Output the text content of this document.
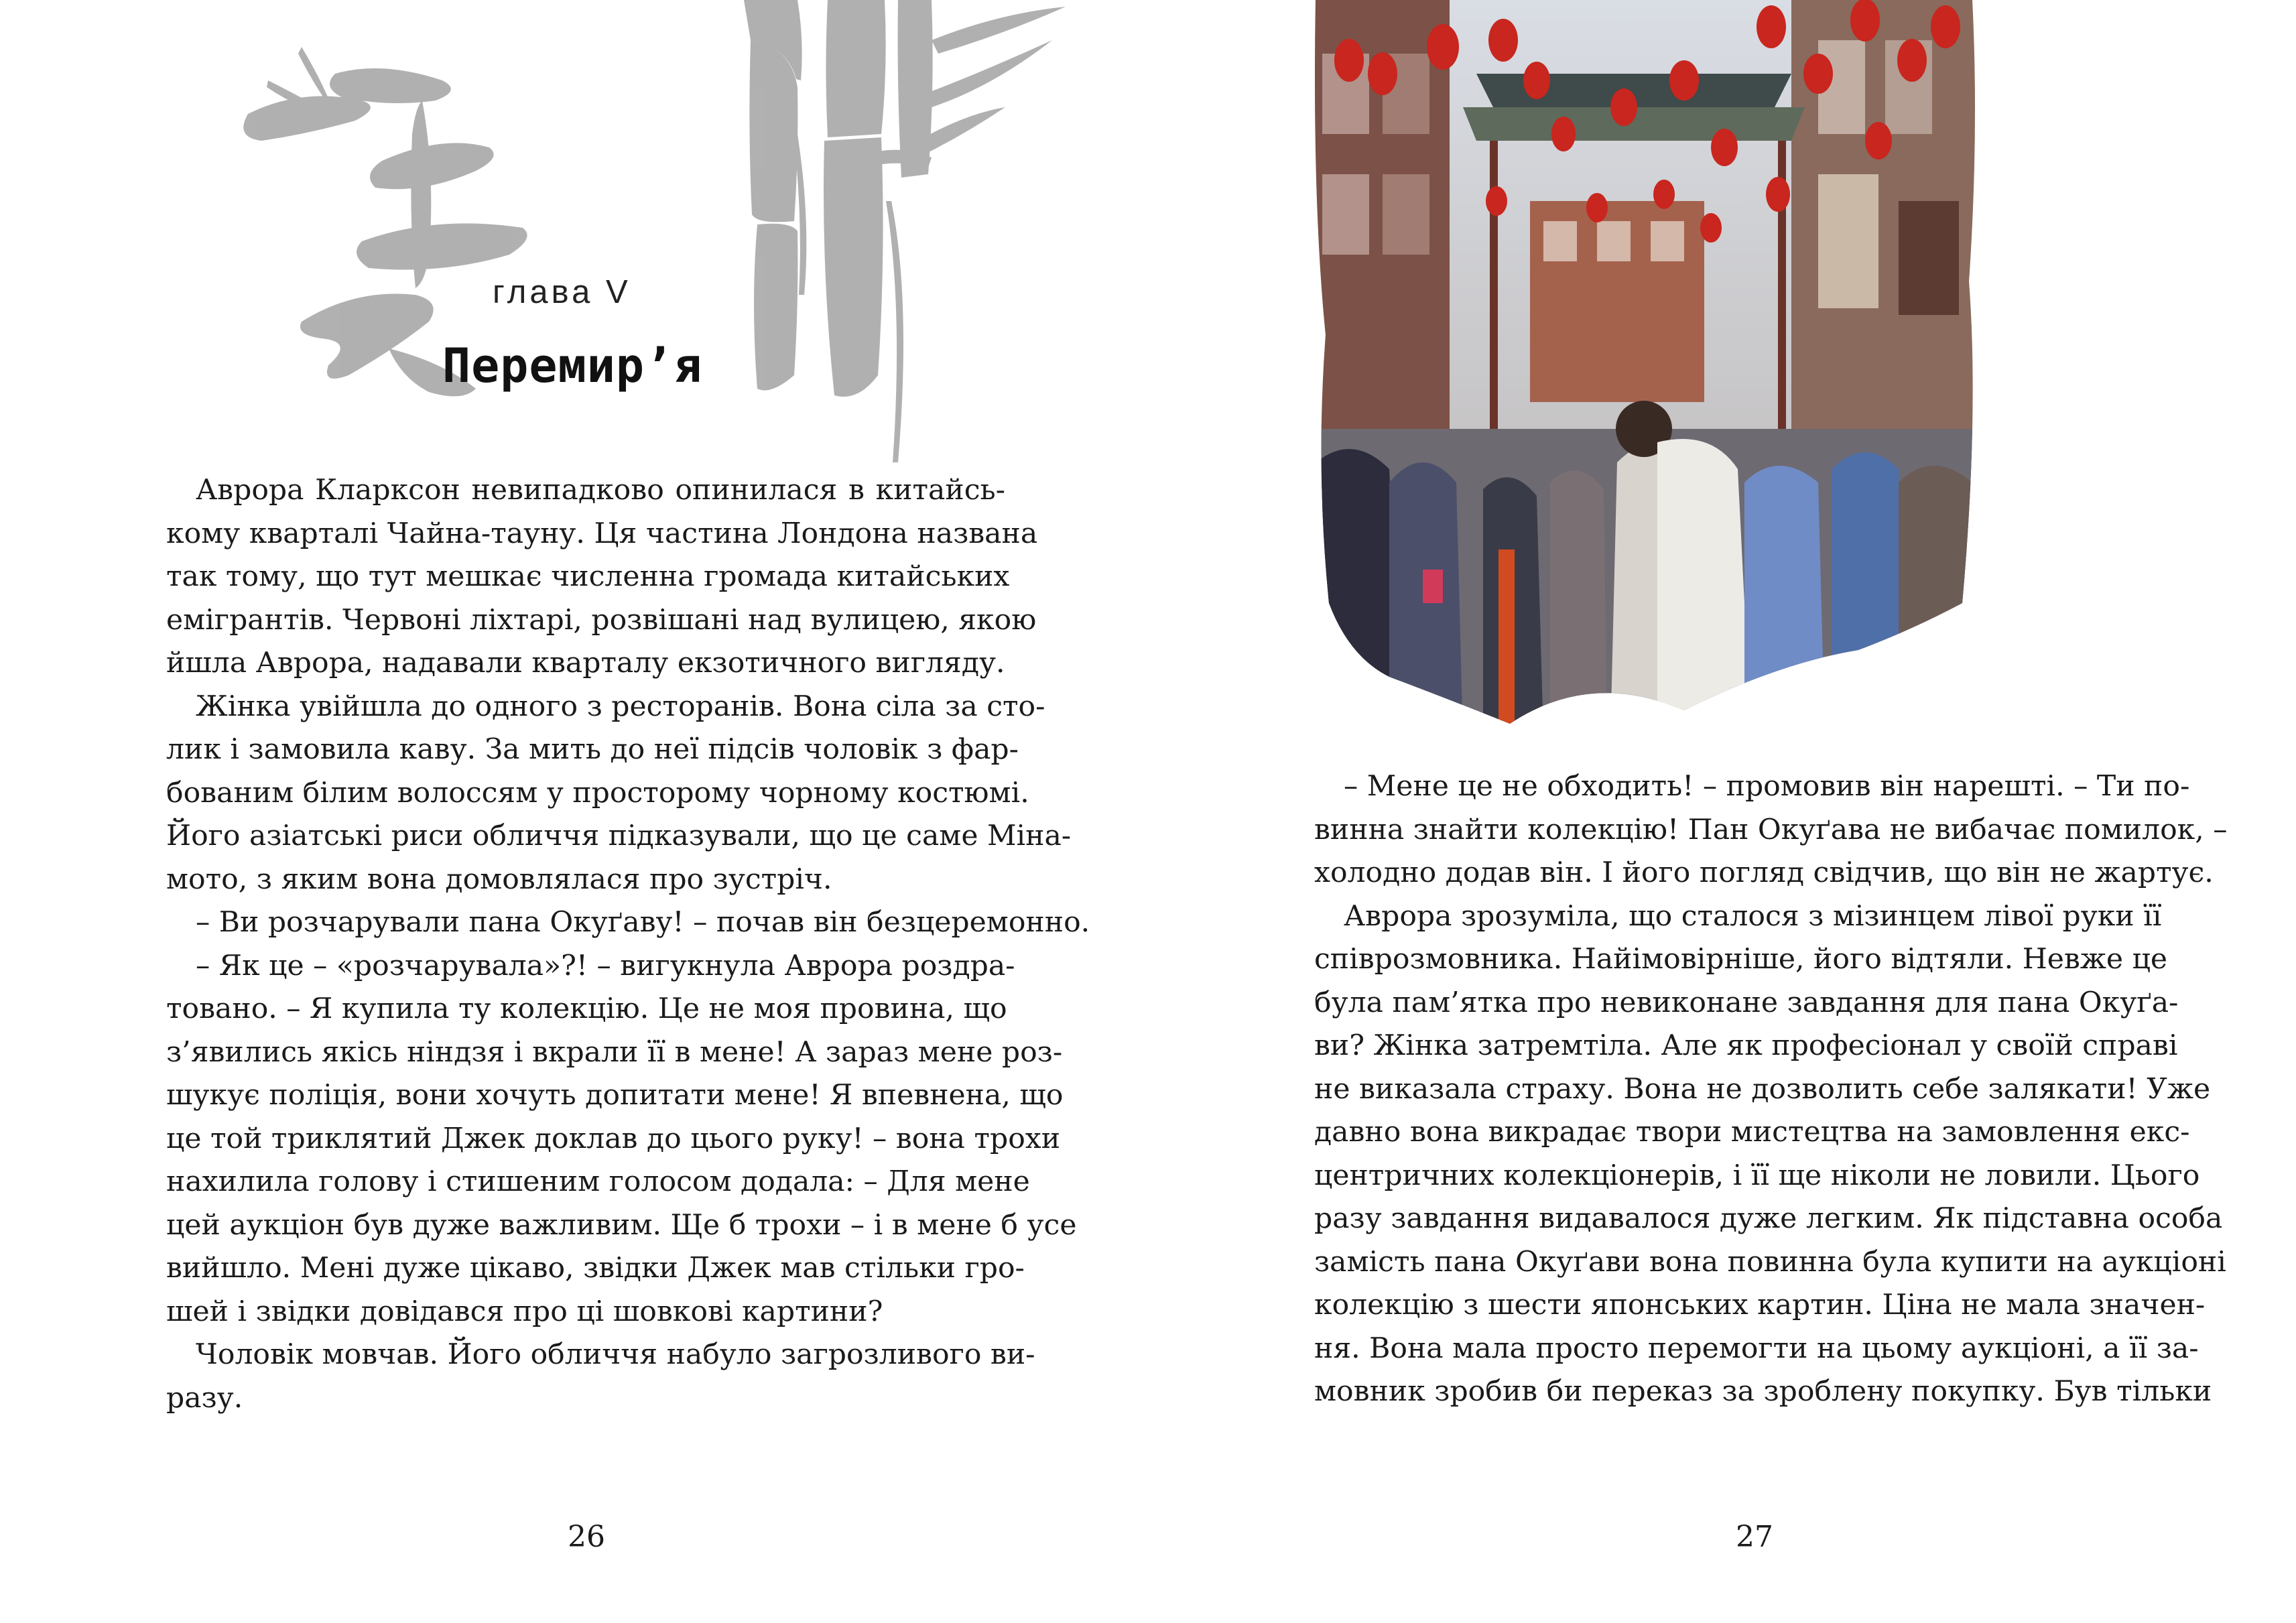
глава V
Перемир’я
Аврора Кларксон невипадково опинилася в китайсь-
кому кварталі Чайна-тауну. Ця частина Лондона названа
так тому, що тут мешкає численна громада китайських
емігрантів. Червоні ліхтарі, розвішані над вулицею, якою
йшла Аврора, надавали кварталу екзотичного вигляду.
Жінка увійшла до одного з ресторанів. Вона сіла за сто-
лик і замовила каву. За мить до неї підсів чоловік з фар-
бованим білим волоссям у просторому чорному костюмі.
Його азіатські риси обличчя підказували, що це саме Міна-
мото, з яким вона домовлялася про зустріч.
– Ви розчарували пана Окуґаву! – почав він безцеремонно.
– Як це – «розчарувала»?! – вигукнула Аврора роздра-
товано. – Я купила ту колекцію. Це не моя провина, що
з’явились якісь ніндзя і вкрали її в мене! А зараз мене роз-
шукує поліція, вони хочуть допитати мене! Я впевнена, що
це той триклятий Джек доклав до цього руку! – вона трохи
нахилила голову і стишеним голосом додала: – Для мене
цей аукціон був дуже важливим. Ще б трохи – і в мене б усе
вийшло. Мені дуже цікаво, звідки Джек мав стільки гро-
шей і звідки довідався про ці шовкові картини?
Чоловік мовчав. Його обличчя набуло загрозливого ви-
разу.
26
– Мене це не обходить! – промовив він нарешті. – Ти по-
винна знайти колекцію! Пан Окуґава не вибачає помилок, –
холодно додав він. І його погляд свідчив, що він не жартує.
Аврора зрозуміла, що сталося з мізинцем лівої руки її
співрозмовника. Найімовірніше, його відтяли. Невже це
була пам’ятка про невиконане завдання для пана Окуґа-
ви? Жінка затремтіла. Але як професіонал у своїй справі
не виказала страху. Вона не дозволить себе залякати! Уже
давно вона викрадає твори мистецтва на замовлення екс-
центричних колекціонерів, і її ще ніколи не ловили. Цього
разу завдання видавалося дуже легким. Як підставна особа
замість пана Окуґави вона повинна була купити на аукціоні
колекцію з шести японських картин. Ціна не мала значен-
ня. Вона мала просто перемогти на цьому аукціоні, а її за-
мовник зробив би переказ за зроблену покупку. Був тільки
27
